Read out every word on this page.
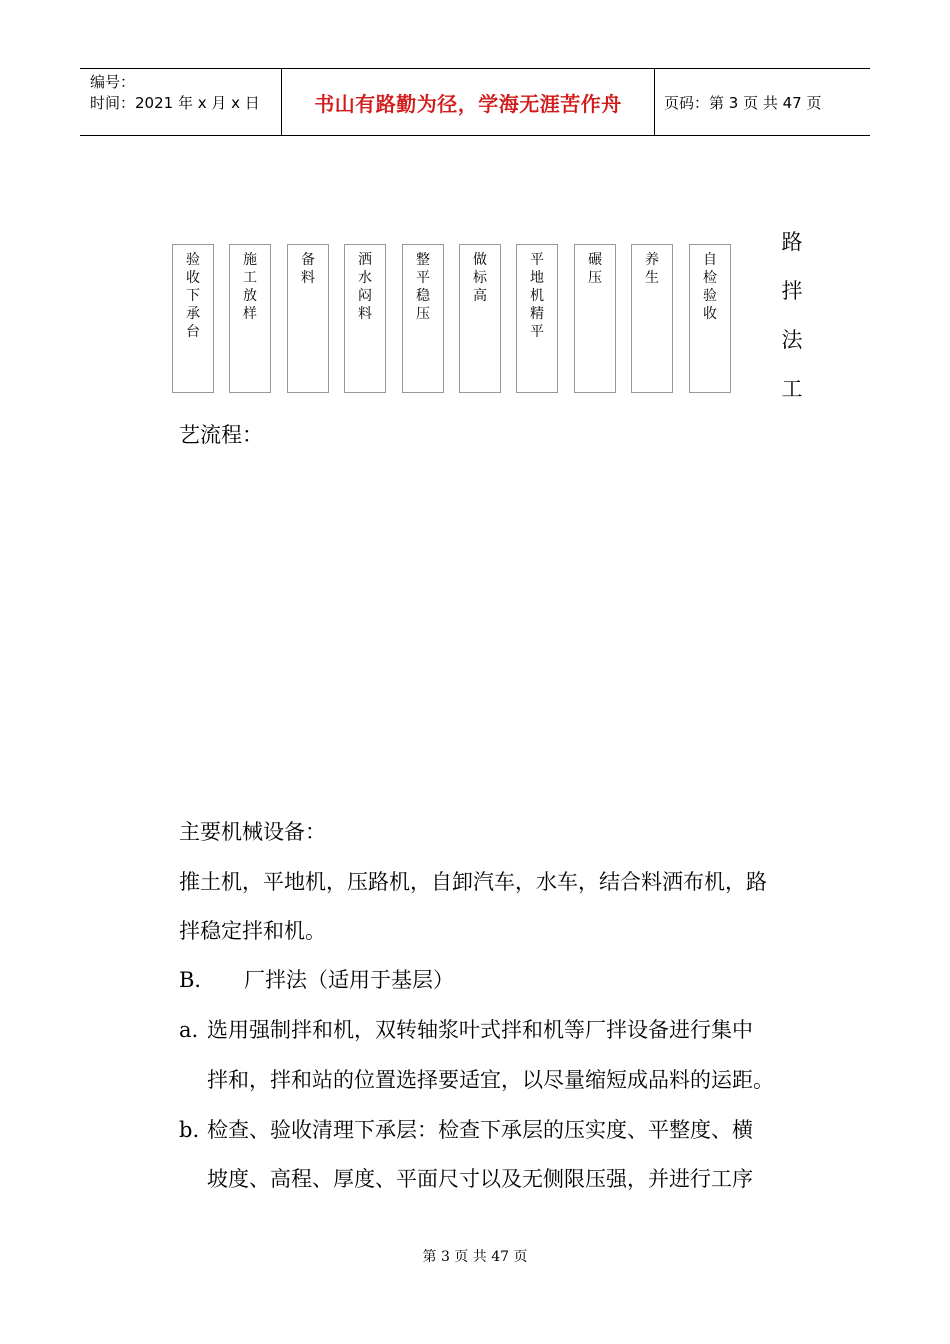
编号：
时间：2021 年 x 月 x 日	书山有路勤为径，学海无涯苦作舟	页码：第 3 页 共 47 页
验收下承台
施工放样
备料
洒水闷料
整平稳压
做标高
平地机精平
碾压
养生
自检验收
路拌法工
艺流程：
主要机械设备：
推土机，平地机，压路机，自卸汽车，水车，结合料洒布机，路
拌稳定拌和机。
B． 厂拌法（适用于基层）
a. 选用强制拌和机，双转轴浆叶式拌和机等厂拌设备进行集中
拌和，拌和站的位置选择要适宜，以尽量缩短成品料的运距。
b. 检查、验收清理下承层：检查下承层的压实度、平整度、横
坡度、高程、厚度、平面尺寸以及无侧限压强，并进行工序
第 3 页 共 47 页
